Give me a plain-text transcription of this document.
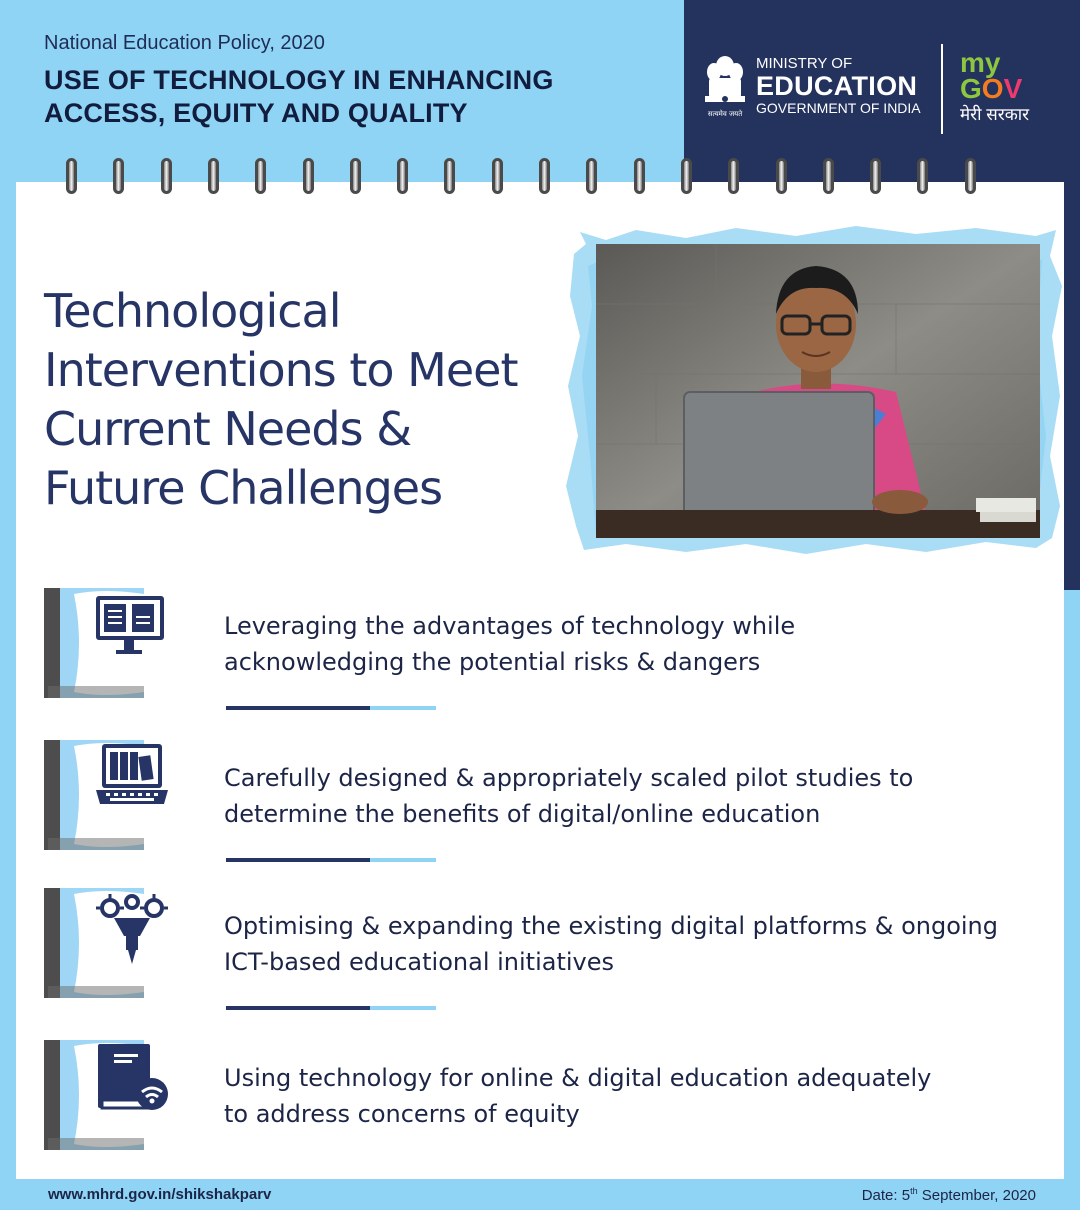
National Education Policy, 2020
USE OF TECHNOLOGY IN ENHANCING ACCESS, EQUITY AND QUALITY	सत्यमेव जयते
MINISTRY OF
EDUCATION
GOVERNMENT OF INDIA
my
GOV
मेरी सरकार
Technological Interventions to Meet Current Needs & Future Challenges
Leveraging the advantages of technology while acknowledging the potential risks & dangers
Carefully designed & appropriately scaled pilot studies to determine the benefits of digital/online education
Optimising & expanding the existing digital platforms & ongoing ICT-based educational initiatives
Using technology for online & digital education adequately to address concerns of equity
www.mhrd.gov.in/shikshakparv	Date: 5th September, 2020
